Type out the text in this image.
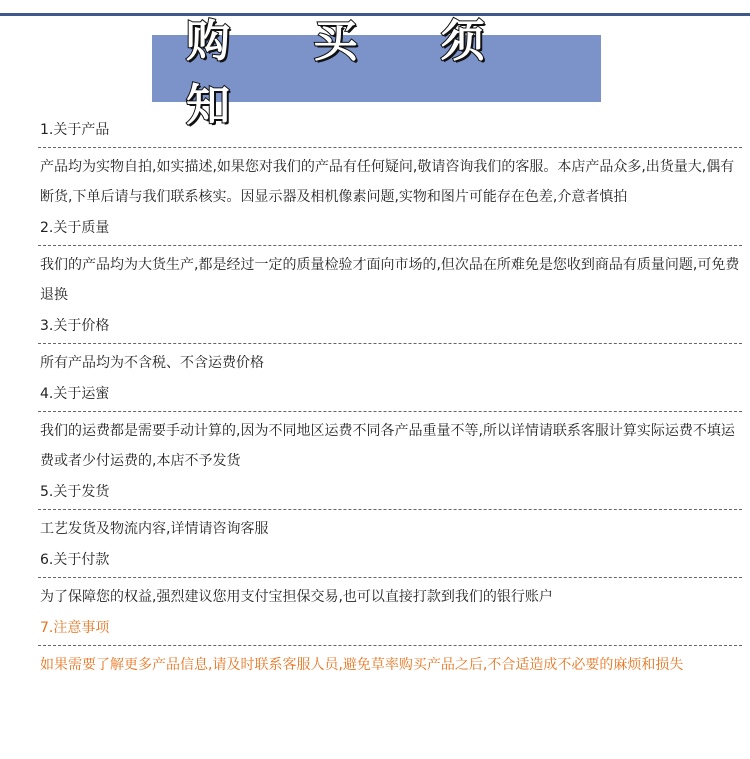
购 买 须 知
1.关于产品
产品均为实物自拍,如实描述,如果您对我们的产品有任何疑问,敬请咨询我们的客服。本店产品众多,出货量大,偶有断货,下单后请与我们联系核实。因显示器及相机像素问题,实物和图片可能存在色差,介意者慎拍
2.关于质量
我们的产品均为大货生产,都是经过一定的质量检验才面向市场的,但次品在所难免是您收到商品有质量问题,可免费退换
3.关于价格
所有产品均为不含税、不含运费价格
4.关于运蜜
我们的运费都是需要手动计算的,因为不同地区运费不同各产品重量不等,所以详情请联系客服计算实际运费不填运费或者少付运费的,本店不予发货
5.关于发货
工艺发货及物流内容,详情请咨询客服
6.关于付款
为了保障您的权益,强烈建议您用支付宝担保交易,也可以直接打款到我们的银行账户
7.注意事项
如果需要了解更多产品信息,请及时联系客服人员,避免草率购买产品之后,不合适造成不必要的麻烦和损失
